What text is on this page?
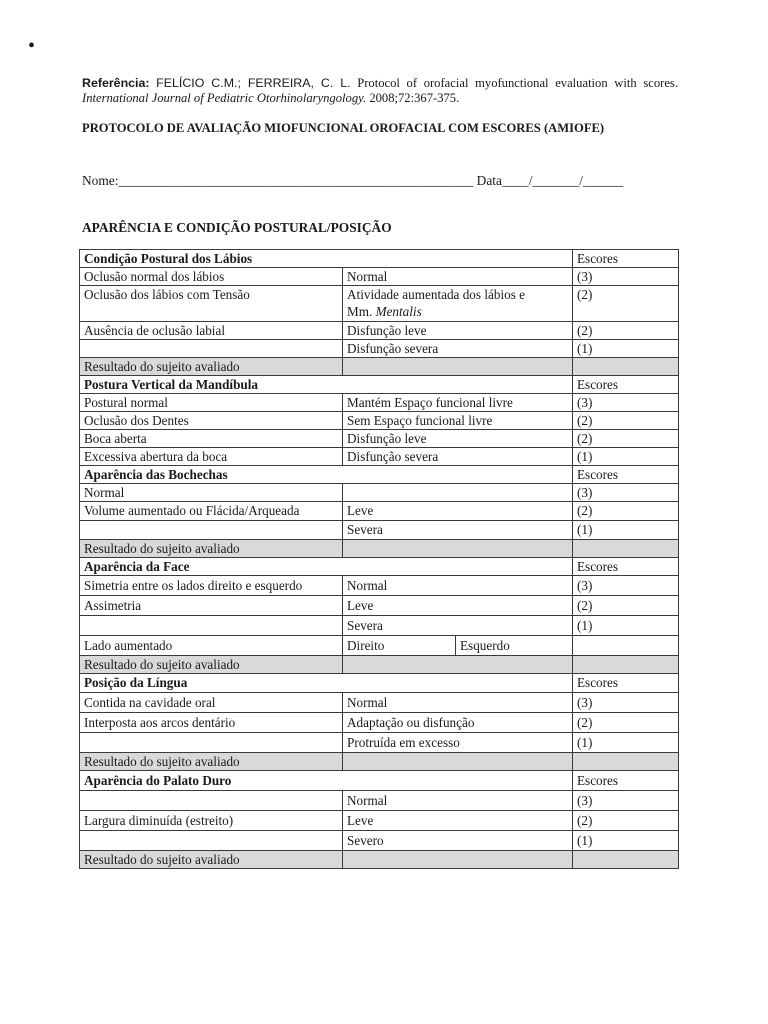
•
Referência: FELÍCIO C.M.; FERREIRA, C. L. Protocol of orofacial myofunctional evaluation with scores. International Journal of Pediatric Otorhinolaryngology. 2008;72:367-375.
PROTOCOLO DE AVALIAÇÃO MIOFUNCIONAL OROFACIAL COM ESCORES (AMIOFE)
Nome:_____________________________________________________ Data____/_______/______
APARÊNCIA E CONDIÇÃO POSTURAL/POSIÇÃO
Condição Postural dos Lábios			Escores
Oclusão normal dos lábios	Normal		(3)
Oclusão dos lábios com Tensão	Atividade aumentada dos lábios e
Mm. Mentalis		(2)
Ausência de oclusão labial	Disfunção leve		(2)
	Disfunção severa		(1)
Resultado do sujeito avaliado			
Postura Vertical da Mandíbula			Escores
Postural normal	Mantém Espaço funcional livre		(3)
Oclusão dos Dentes	Sem Espaço funcional livre		(2)
Boca aberta	Disfunção leve		(2)
Excessiva abertura da boca	Disfunção severa		(1)
Aparência das Bochechas			Escores
Normal			(3)
Volume aumentado ou Flácida/Arqueada	Leve		(2)
	Severa		(1)
Resultado do sujeito avaliado			
Aparência da Face			Escores
Simetria entre os lados direito e esquerdo	Normal		(3)
Assimetria	Leve		(2)
	Severa		(1)
Lado aumentado	Direito	Esquerdo	
Resultado do sujeito avaliado			
Posição da Língua			Escores
Contida na cavidade oral	Normal		(3)
Interposta aos arcos dentário	Adaptação ou disfunção		(2)
	Protruída em excesso		(1)
Resultado do sujeito avaliado			
Aparência do Palato Duro			Escores
	Normal		(3)
Largura diminuída (estreito)	Leve		(2)
	Severo		(1)
Resultado do sujeito avaliado			
